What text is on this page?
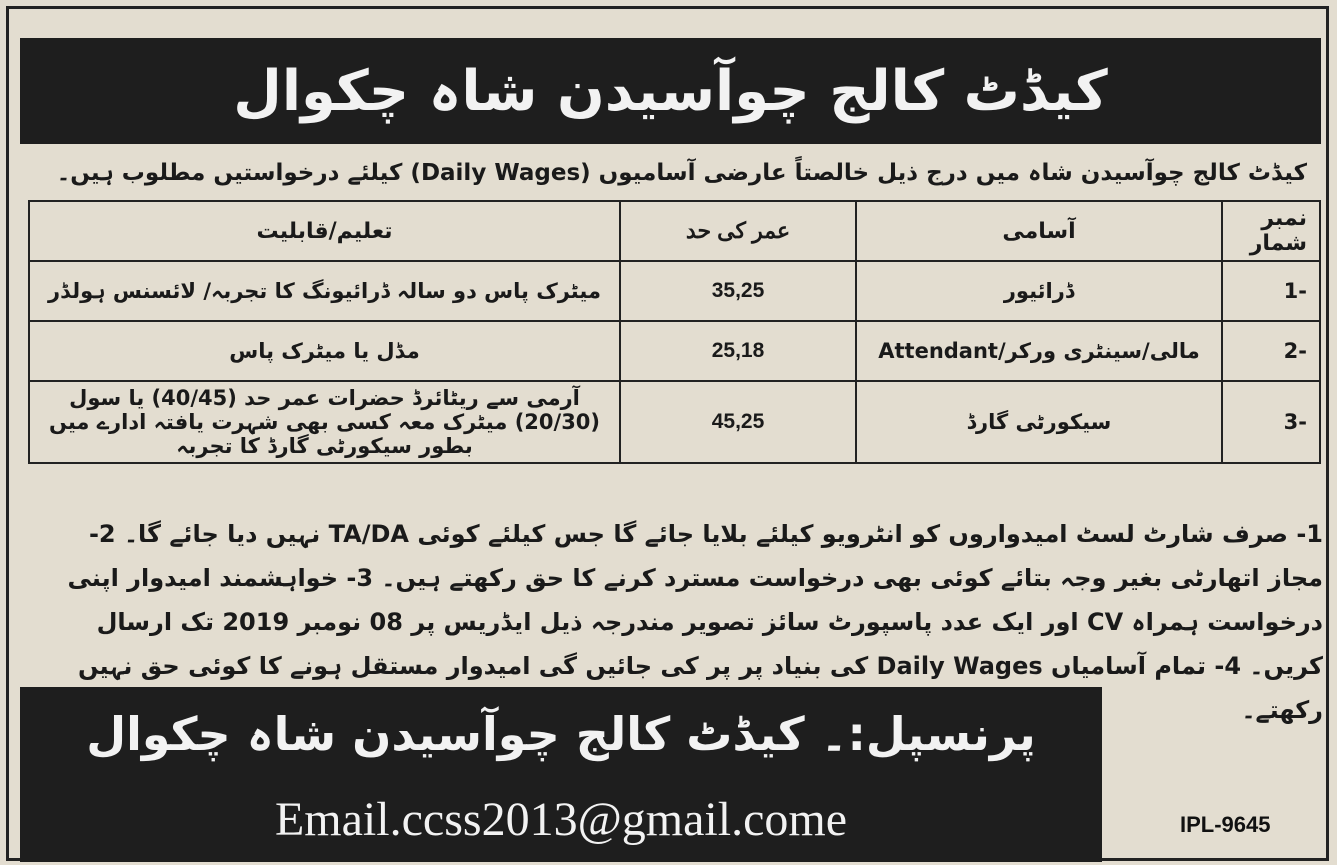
کیڈٹ کالج چوآسیدن شاہ چکوال
کیڈٹ کالج چوآسیدن شاہ میں درج ذیل خالصتاً عارضی آسامیوں (Daily Wages) کیلئے درخواستیں مطلوب ہیں۔
نمبر شمار	آسامی	عمر کی حد	تعلیم/قابلیت
-1	ڈرائیور	35,25	میٹرک پاس دو سالہ ڈرائیونگ کا تجربہ/ لائسنس ہولڈر
-2	مالی/سینٹری ورکر/Attendant	25,18	مڈل یا میٹرک پاس
-3	سیکورٹی گارڈ	45,25	آرمی سے ریٹائرڈ حضرات عمر حد (40/45) یا سول (20/30) میٹرک معہ کسی بھی شہرت یافتہ ادارے میں بطور سیکورٹی گارڈ کا تجربہ
1- صرف شارٹ لسٹ امیدواروں کو انٹرویو کیلئے بلایا جائے گا جس کیلئے کوئی TA/DA نہیں دیا جائے گا۔ 2- مجاز اتھارٹی بغیر وجہ بتائے کوئی بھی درخواست مسترد کرنے کا حق رکھتے ہیں۔ 3- خواہشمند امیدوار اپنی درخواست ہمراہ CV اور ایک عدد پاسپورٹ سائز تصویر مندرجہ ذیل ایڈریس پر 08 نومبر 2019 تک ارسال کریں۔ 4- تمام آسامیاں Daily Wages کی بنیاد پر پر کی جائیں گی امیدوار مستقل ہونے کا کوئی حق نہیں رکھتے۔
پرنسپل:۔ کیڈٹ کالج چوآسیدن شاہ چکوال
Email.ccss2013@gmail.come	IPL-9645
